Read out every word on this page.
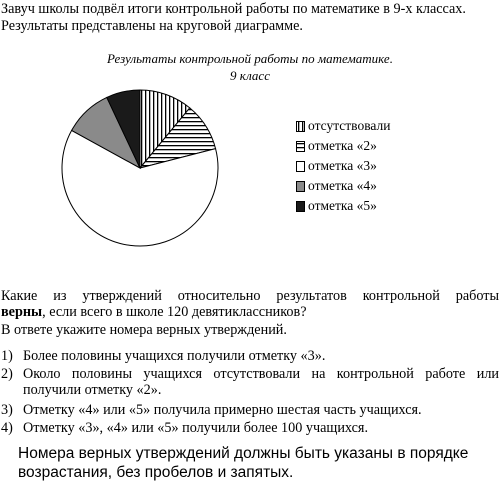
Завуч школы подвёл итоги контрольной работы по математике в 9-х классах.
Результаты представлены на круговой диаграмме.
Результаты контрольной работы по математике.
9 класс
отсутствовали
отметка «2»
отметка «3»
отметка «4»
отметка «5»
Какие из утверждений относительно результатов контрольной работы
верны, если всего в школе 120 девятиклассников?
В ответе укажите номера верных утверждений.
1) Более половины учащихся получили отметку «3».
2) Около половины учащихся отсутствовали на контрольной работе или
получили отметку «2».
3) Отметку «4» или «5» получила примерно шестая часть учащихся.
4) Отметку «3», «4» или «5» получили более 100 учащихся.
Номера верных утверждений должны быть указаны в порядке
возрастания, без пробелов и запятых.
